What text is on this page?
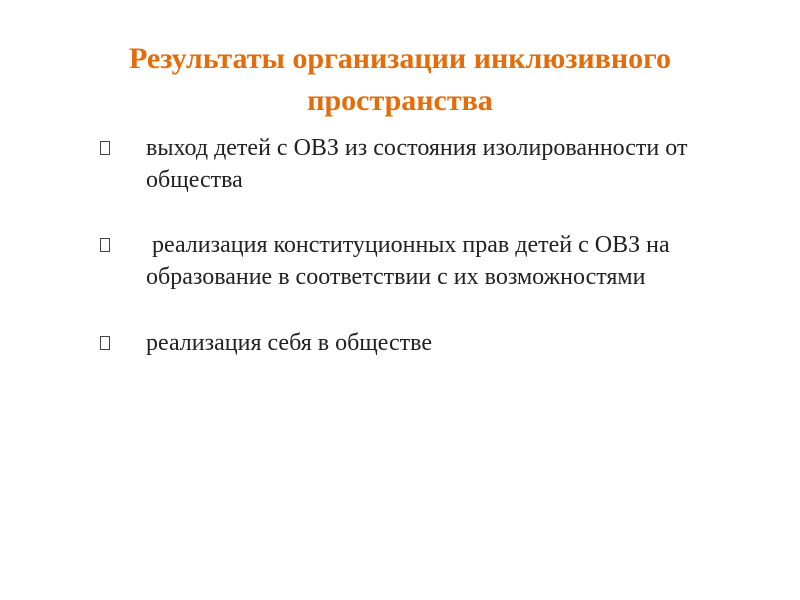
Результаты организации инклюзивного пространства
выход детей с ОВЗ из состояния изолированности от общества
реализация конституционных прав детей с ОВЗ на образование в соответствии с их возможностями
реализация себя в обществе
